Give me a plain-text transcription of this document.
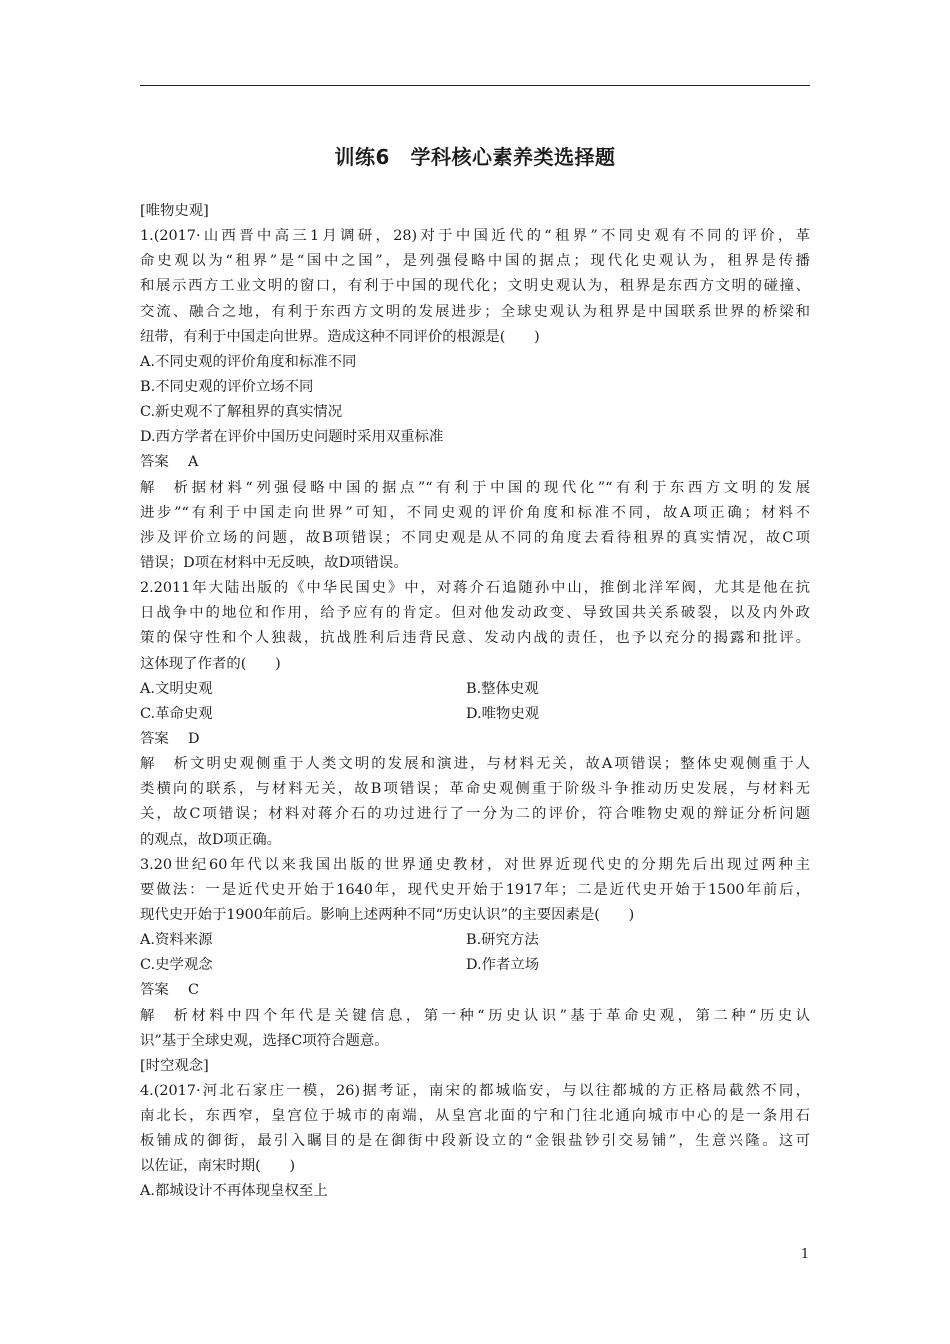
训练6　学科核心素养类选择题
[唯物史观]
1.(2017·山西晋中高三1月调研，28)对于中国近代的“租界”不同史观有不同的评价，革
命史观以为“租界”是“国中之国”，是列强侵略中国的据点；现代化史观认为，租界是传播
和展示西方工业文明的窗口，有利于中国的现代化；文明史观认为，租界是东西方文明的碰撞、
交流、融合之地，有利于东西方文明的发展进步；全球史观认为租界是中国联系世界的桥梁和
纽带，有利于中国走向世界。造成这种不同评价的根源是(　　)
A.不同史观的评价角度和标准不同
B.不同史观的评价立场不同
C.新史观不了解租界的真实情况
D.西方学者在评价中国历史问题时采用双重标准
答案 A
解析据材料“列强侵略中国的据点”“有利于中国的现代化”“有利于东西方文明的发展
进步”“有利于中国走向世界”可知，不同史观的评价角度和标准不同，故A项正确；材料不
涉及评价立场的问题，故B项错误；不同史观是从不同的角度去看待租界的真实情况，故C项
错误；D项在材料中无反映，故D项错误。
2.2011年大陆出版的《中华民国史》中，对蒋介石追随孙中山，推倒北洋军阀，尤其是他在抗
日战争中的地位和作用，给予应有的肯定。但对他发动政变、导致国共关系破裂，以及内外政
策的保守性和个人独裁，抗战胜利后违背民意、发动内战的责任，也予以充分的揭露和批评。
这体现了作者的(　　)
A.文明史观	B.整体史观
C.革命史观	D.唯物史观
答案 D
解析文明史观侧重于人类文明的发展和演进，与材料无关，故A项错误；整体史观侧重于人
类横向的联系，与材料无关，故B项错误；革命史观侧重于阶级斗争推动历史发展，与材料无
关，故C项错误；材料对蒋介石的功过进行了一分为二的评价，符合唯物史观的辩证分析问题
的观点，故D项正确。
3.20世纪60年代以来我国出版的世界通史教材，对世界近现代史的分期先后出现过两种主
要做法：一是近代史开始于1640年，现代史开始于1917年；二是近代史开始于1500年前后，
现代史开始于1900年前后。影响上述两种不同“历史认识”的主要因素是(　　)
A.资料来源	B.研究方法
C.史学观念	D.作者立场
答案 C
解析材料中四个年代是关键信息，第一种“历史认识”基于革命史观，第二种“历史认
识”基于全球史观，选择C项符合题意。
[时空观念]
4.(2017·河北石家庄一模，26)据考证，南宋的都城临安，与以往都城的方正格局截然不同，
南北长，东西窄，皇宫位于城市的南端，从皇宫北面的宁和门往北通向城市中心的是一条用石
板铺成的御街，最引入瞩目的是在御街中段新设立的“金银盐钞引交易铺”，生意兴隆。这可
以佐证，南宋时期(　　)
A.都城设计不再体现皇权至上
1
